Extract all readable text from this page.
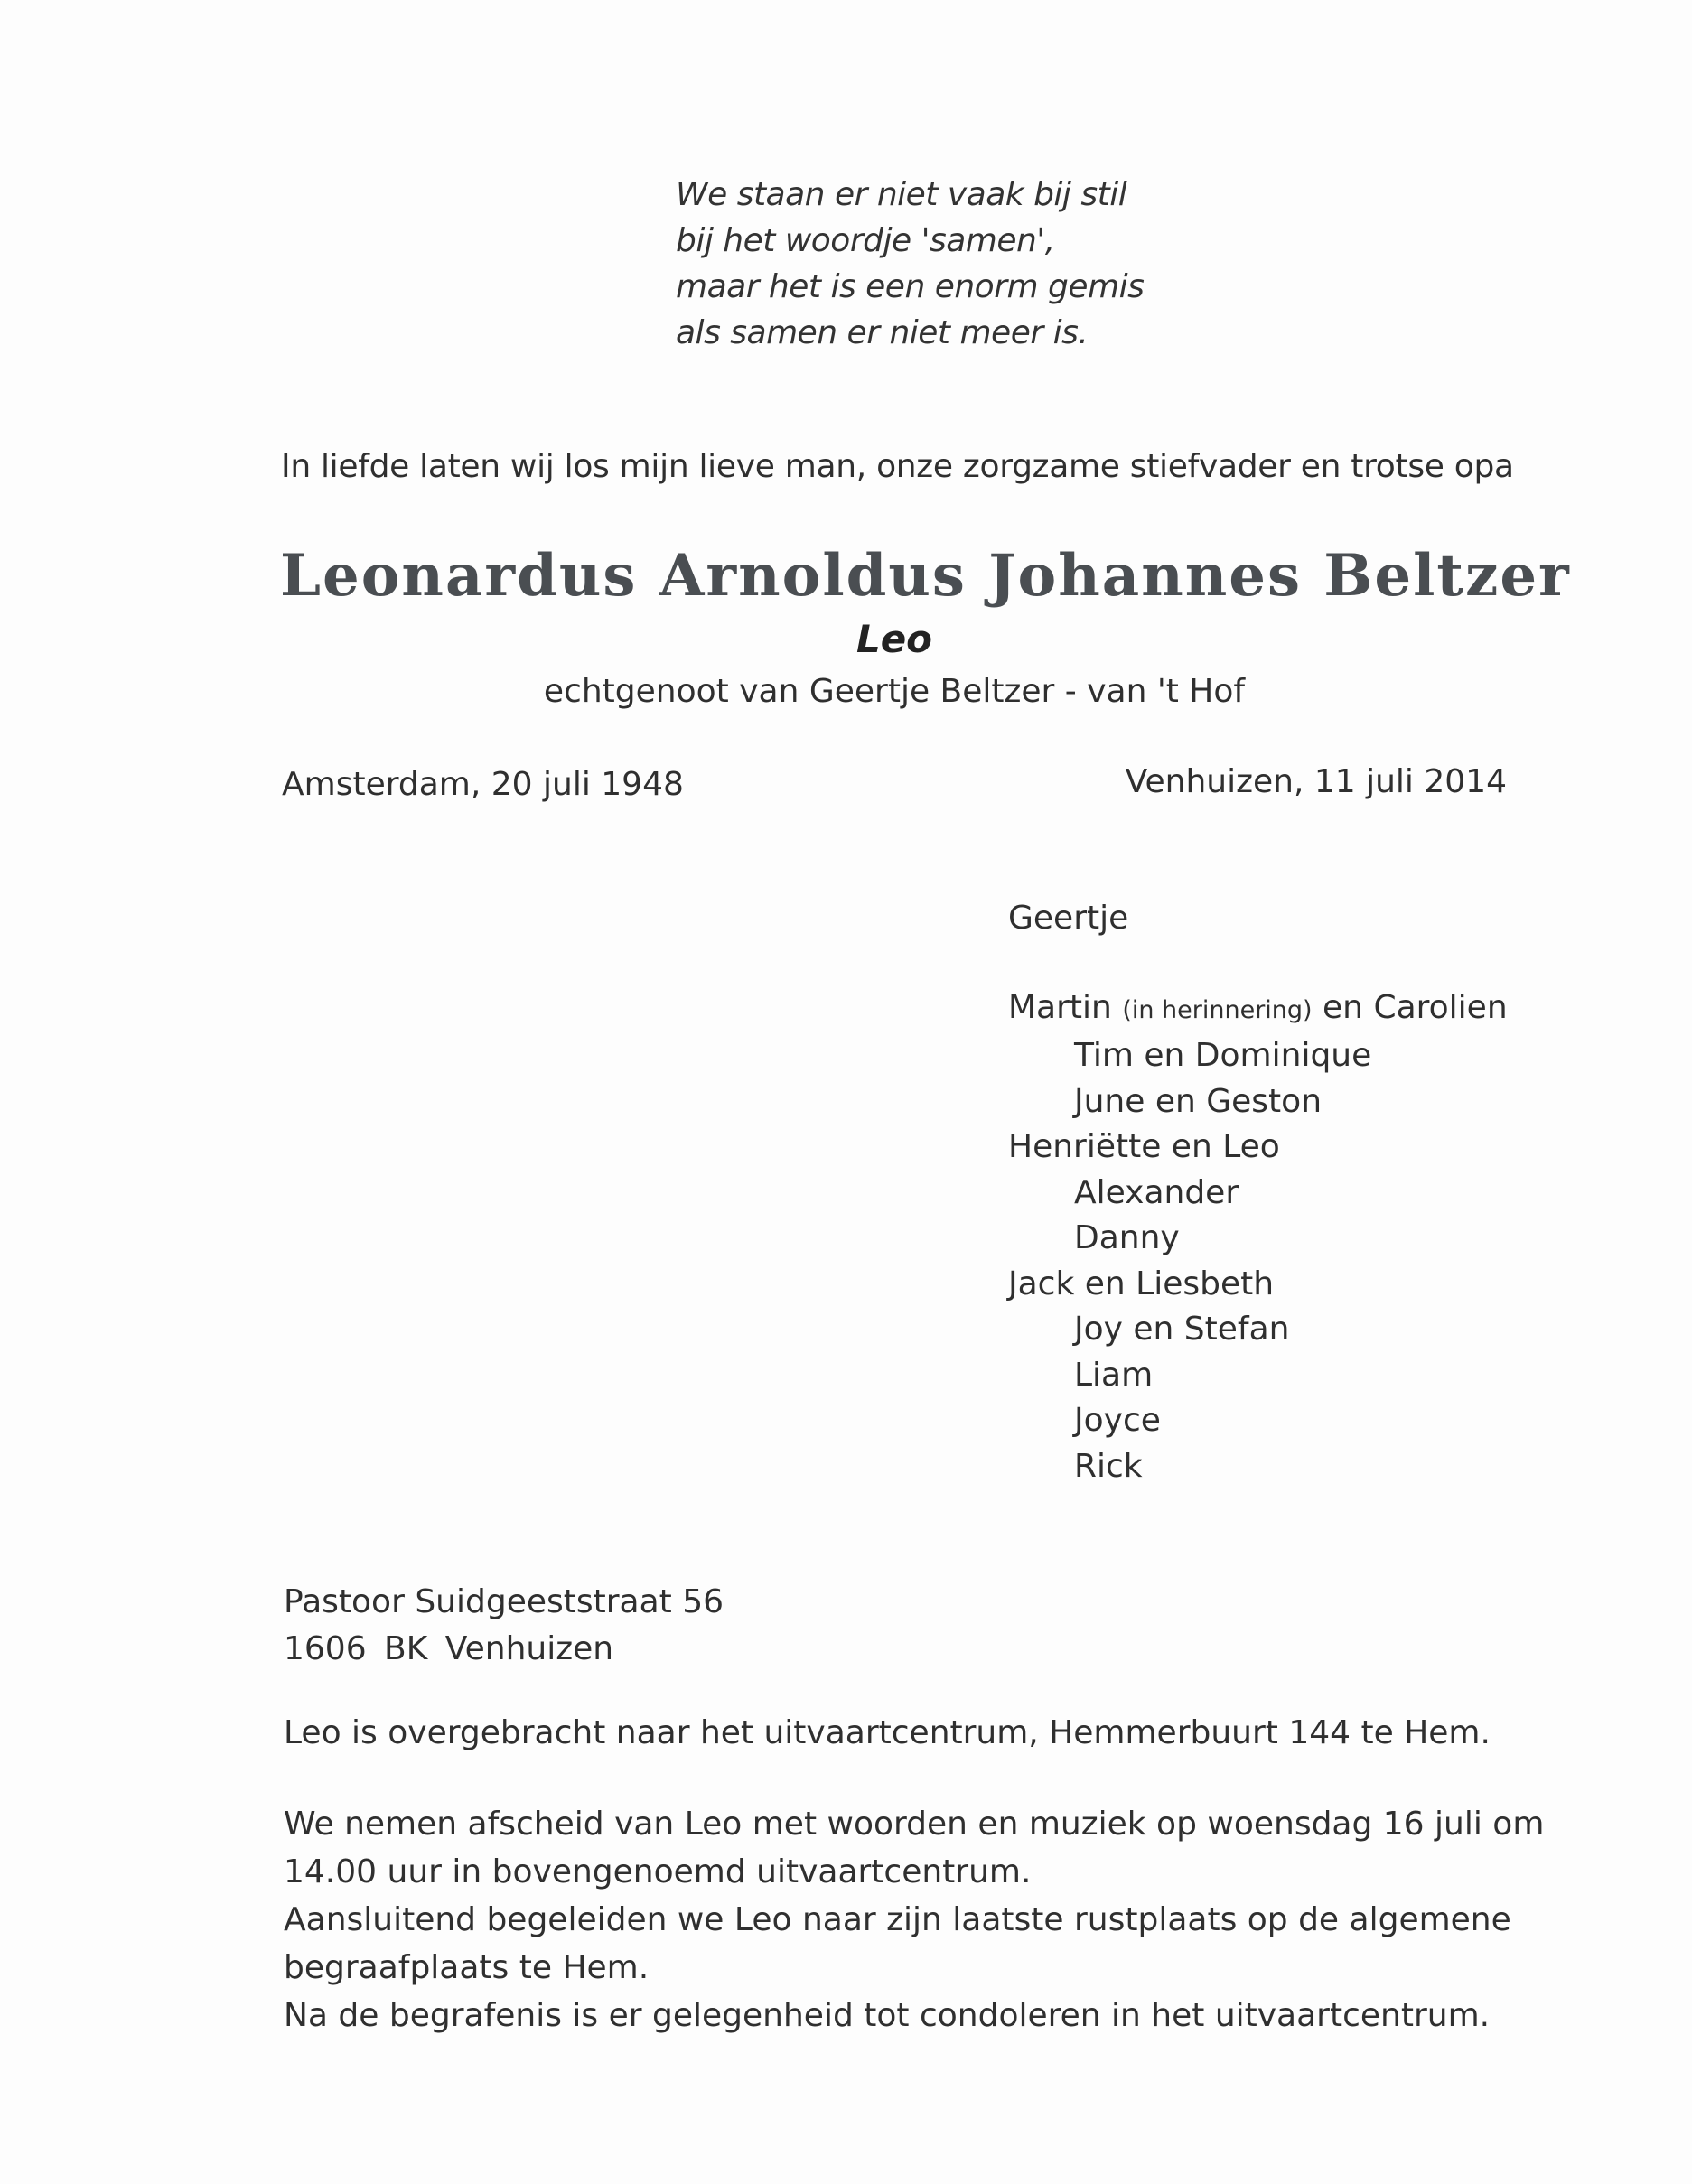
We staan er niet vaak bij stil
bij het woordje 'samen',
maar het is een enorm gemis
als samen er niet meer is.
In liefde laten wij los mijn lieve man, onze zorgzame stiefvader en trotse opa
Leonardus Arnoldus Johannes Beltzer
Leo
echtgenoot van Geertje Beltzer - van 't Hof
Amsterdam, 20 juli 1948	Venhuizen, 11 juli 2014
Geertje
Martin (in herinnering) en Carolien
Tim en Dominique
June en Geston
Henriëtte en Leo
Alexander
Danny
Jack en Liesbeth
Joy en Stefan
Liam
Joyce
Rick
Pastoor Suidgeeststraat 56
1606 BK Venhuizen
Leo is overgebracht naar het uitvaartcentrum, Hemmerbuurt 144 te Hem.
We nemen afscheid van Leo met woorden en muziek op woensdag 16 juli om
14.00 uur in bovengenoemd uitvaartcentrum.
Aansluitend begeleiden we Leo naar zijn laatste rustplaats op de algemene
begraafplaats te Hem.
Na de begrafenis is er gelegenheid tot condoleren in het uitvaartcentrum.
